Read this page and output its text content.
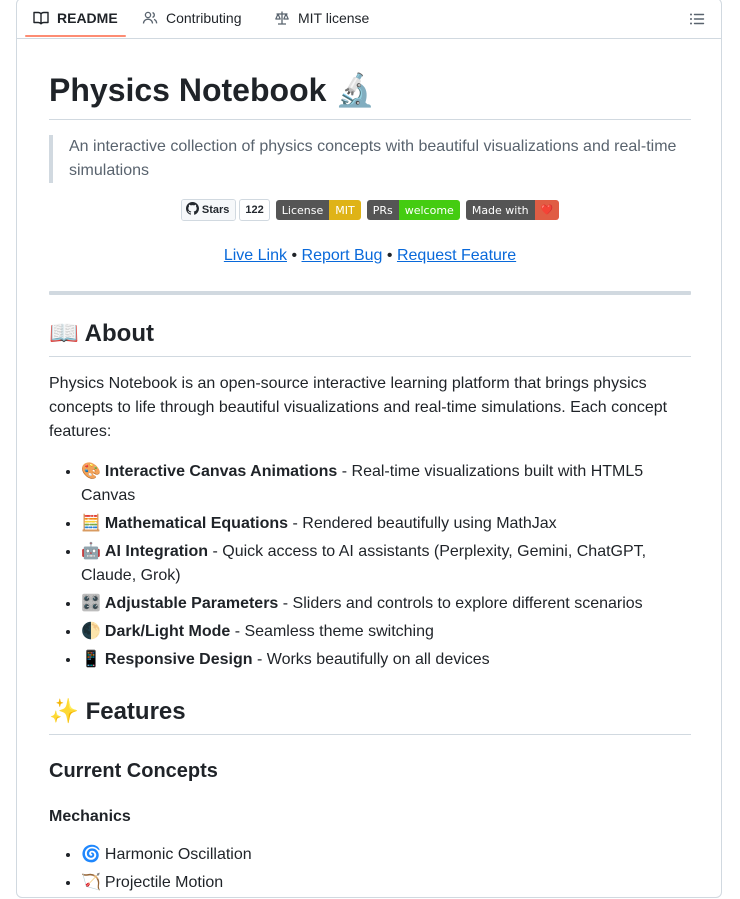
README	Contributing	MIT license
Physics Notebook 🔬
An interactive collection of physics concepts with beautiful visualizations and real-time simulations
Stars	122	License	MIT	PRs	welcome	Made with	❤️
Live Link • Report Bug • Request Feature
📖 About

Physics Notebook is an open-source interactive learning platform that brings physics concepts to life through beautiful visualizations and real-time simulations. Each concept features:

• 🎨 Interactive Canvas Animations - Real-time visualizations built with HTML5 Canvas
• 🧮 Mathematical Equations - Rendered beautifully using MathJax
• 🤖 AI Integration - Quick access to AI assistants (Perplexity, Gemini, ChatGPT, Claude, Grok)
• 🎛️ Adjustable Parameters - Sliders and controls to explore different scenarios
• 🌓 Dark/Light Mode - Seamless theme switching
• 📱 Responsive Design - Works beautifully on all devices
✨ Features
Current Concepts
Mechanics
• 🌀 Harmonic Oscillation
• 🏹 Projectile Motion
